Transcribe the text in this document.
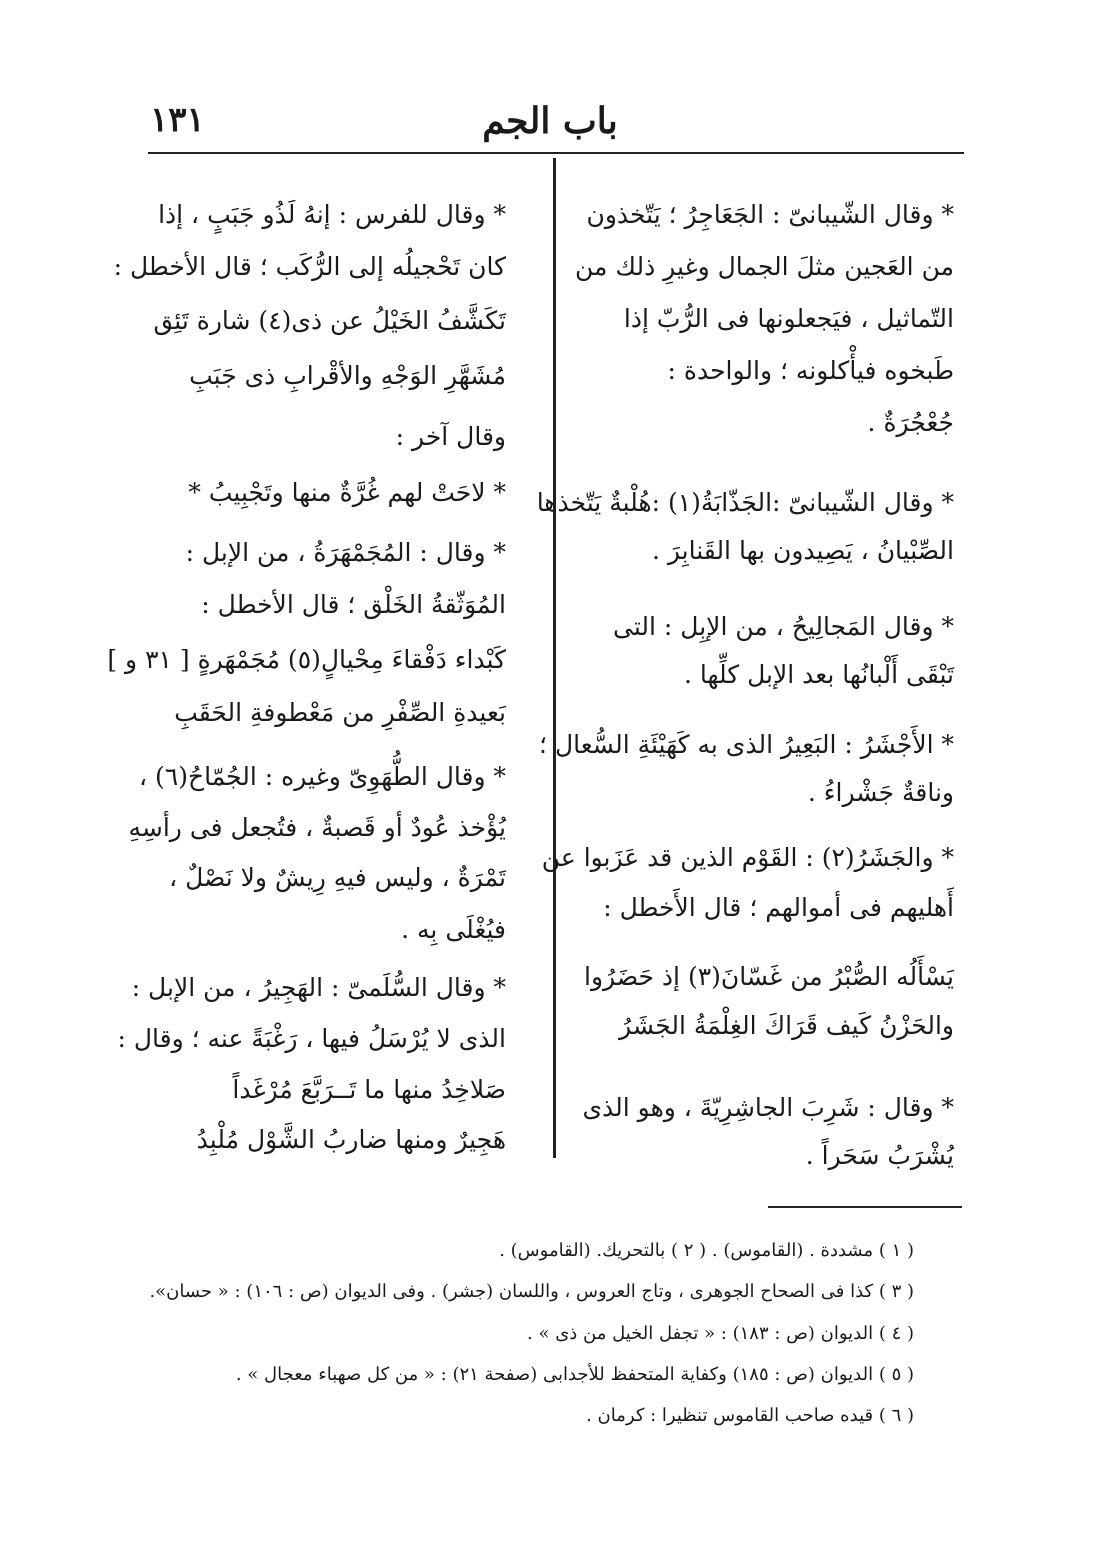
باب الجم
١٣١
* وقال الشّيبانىّ : الجَعَاجِرُ ؛ يَتّخذون
من العَجين مثلَ الجمال وغيرِ ذلك من
التّماثيل ، فيَجعلونها فى الرُّبّ إذا
طَبخوه فيأْكلونه ؛ والواحدة :
جُعْجُرَةٌ .
* وقال الشّيبانىّ :الجَذّابَةُ(١) :هُلْبةٌ يَتّخذها
الصِّبْيانُ ، يَصِيدون بها القَنابِرَ .
* وقال المَجالِيحُ ، من الإبِل : التى
تَبْقَى أَلْبانُها بعد الإبل كلِّها .
* الأَجْشَرُ : البَعِيرُ الذى به كَهَيْئَةِ السُّعال ؛
وناقةٌ جَشْراءُ .
* والجَشَرُ(٢) : القَوْم الذين قد عَزَبوا عن
أَهليهم فى أموالهم ؛ قال الأَخطل :
يَسْأَلُه الصُّبْرُ من غَسّانَ(٣) إذ حَضَرُوا
والحَزْنُ كَيف قَرَاكَ الغِلْمَةُ الجَشَرُ
* وقال : شَرِبَ الجاشِرِيّةَ ، وهو الذى
يُشْرَبُ سَحَراً .
* وقال للفرس : إنهُ لَذُو جَبَبٍ ، إذا
كان تَحْجيلُه إلى الرُّكَب ؛ قال الأخطل :
تَكَشَّفُ الخَيْلُ عن ذى(٤) شارة تَئِق
مُشَهَّرِ الوَجْهِ والأقْرابِ ذى جَبَبِ
وقال آخر :
* لاحَتْ لهم غُرَّةٌ منها وتَجْبِيبُ *
* وقال : المُجَمْهَرَةُ ، من الإبل :
المُوَثّقةُ الخَلْق ؛ قال الأخطل :
كَبْداء دَفْقاءَ مِحْيالٍ(٥) مُجَمْهَرةٍ [ ٣١ و ]
بَعيدةِ الصِّفْرِ من مَعْطوفةِ الحَقَبِ
* وقال الطُّهَوِىّ وغيره : الجُمّاحُ(٦) ،
يُؤْخذ عُودٌ أو قَصبةٌ ، فتُجعل فى رأسِهِ
تَمْرَةٌ ، وليس فيهِ رِيشٌ ولا نَصْلٌ ،
فيُغْلَى بِه .
* وقال السُّلَمىّ : الهَجِيرُ ، من الإبل :
الذى لا يُرْسَلُ فيها ، رَغْبَةً عنه ؛ وقال :
صَلاخِدُ منها ما تَــرَبَّعَ مُرْغَداً
هَجِيرٌ ومنها ضاربُ الشَّوْل مُلْبِدُ
( ١ ) مشددة . (القاموس) . ( ٢ ) بالتحريك. (القاموس) .
( ٣ ) كذا فى الصحاح الجوهرى ، وتاج العروس ، واللسان (جشر) . وفى الديوان (ص : ١٠٦) : « حسان».
( ٤ ) الديوان (ص : ١٨٣) : « تجفل الخيل من ذى » .
( ٥ ) الديوان (ص : ١٨٥) وكفاية المتحفظ للأجدابى (صفحة ٢١) : « من كل صهباء معجال » .
( ٦ ) قيده صاحب القاموس تنظيرا : كرمان .
